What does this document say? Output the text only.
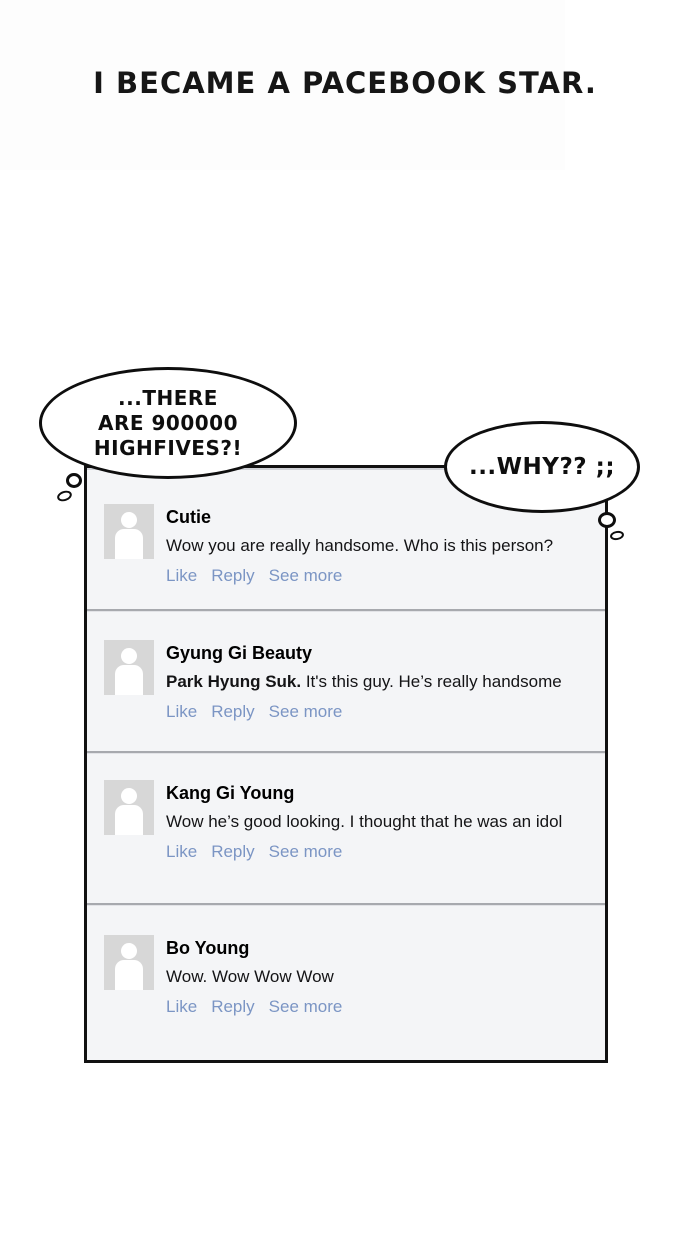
I BECAME A PACEBOOK STAR.
Cutie
Wow you are really handsome. Who is this person?
Like Reply See more
Gyung Gi Beauty
Park Hyung Suk. It's this guy. He’s really handsome
Like Reply See more
Kang Gi Young
Wow he’s good looking. I thought that he was an idol
Like Reply See more
Bo Young
Wow. Wow Wow Wow
Like Reply See more
...THERE
ARE 900000
HIGHFIVES?!
...WHY?? ;;
